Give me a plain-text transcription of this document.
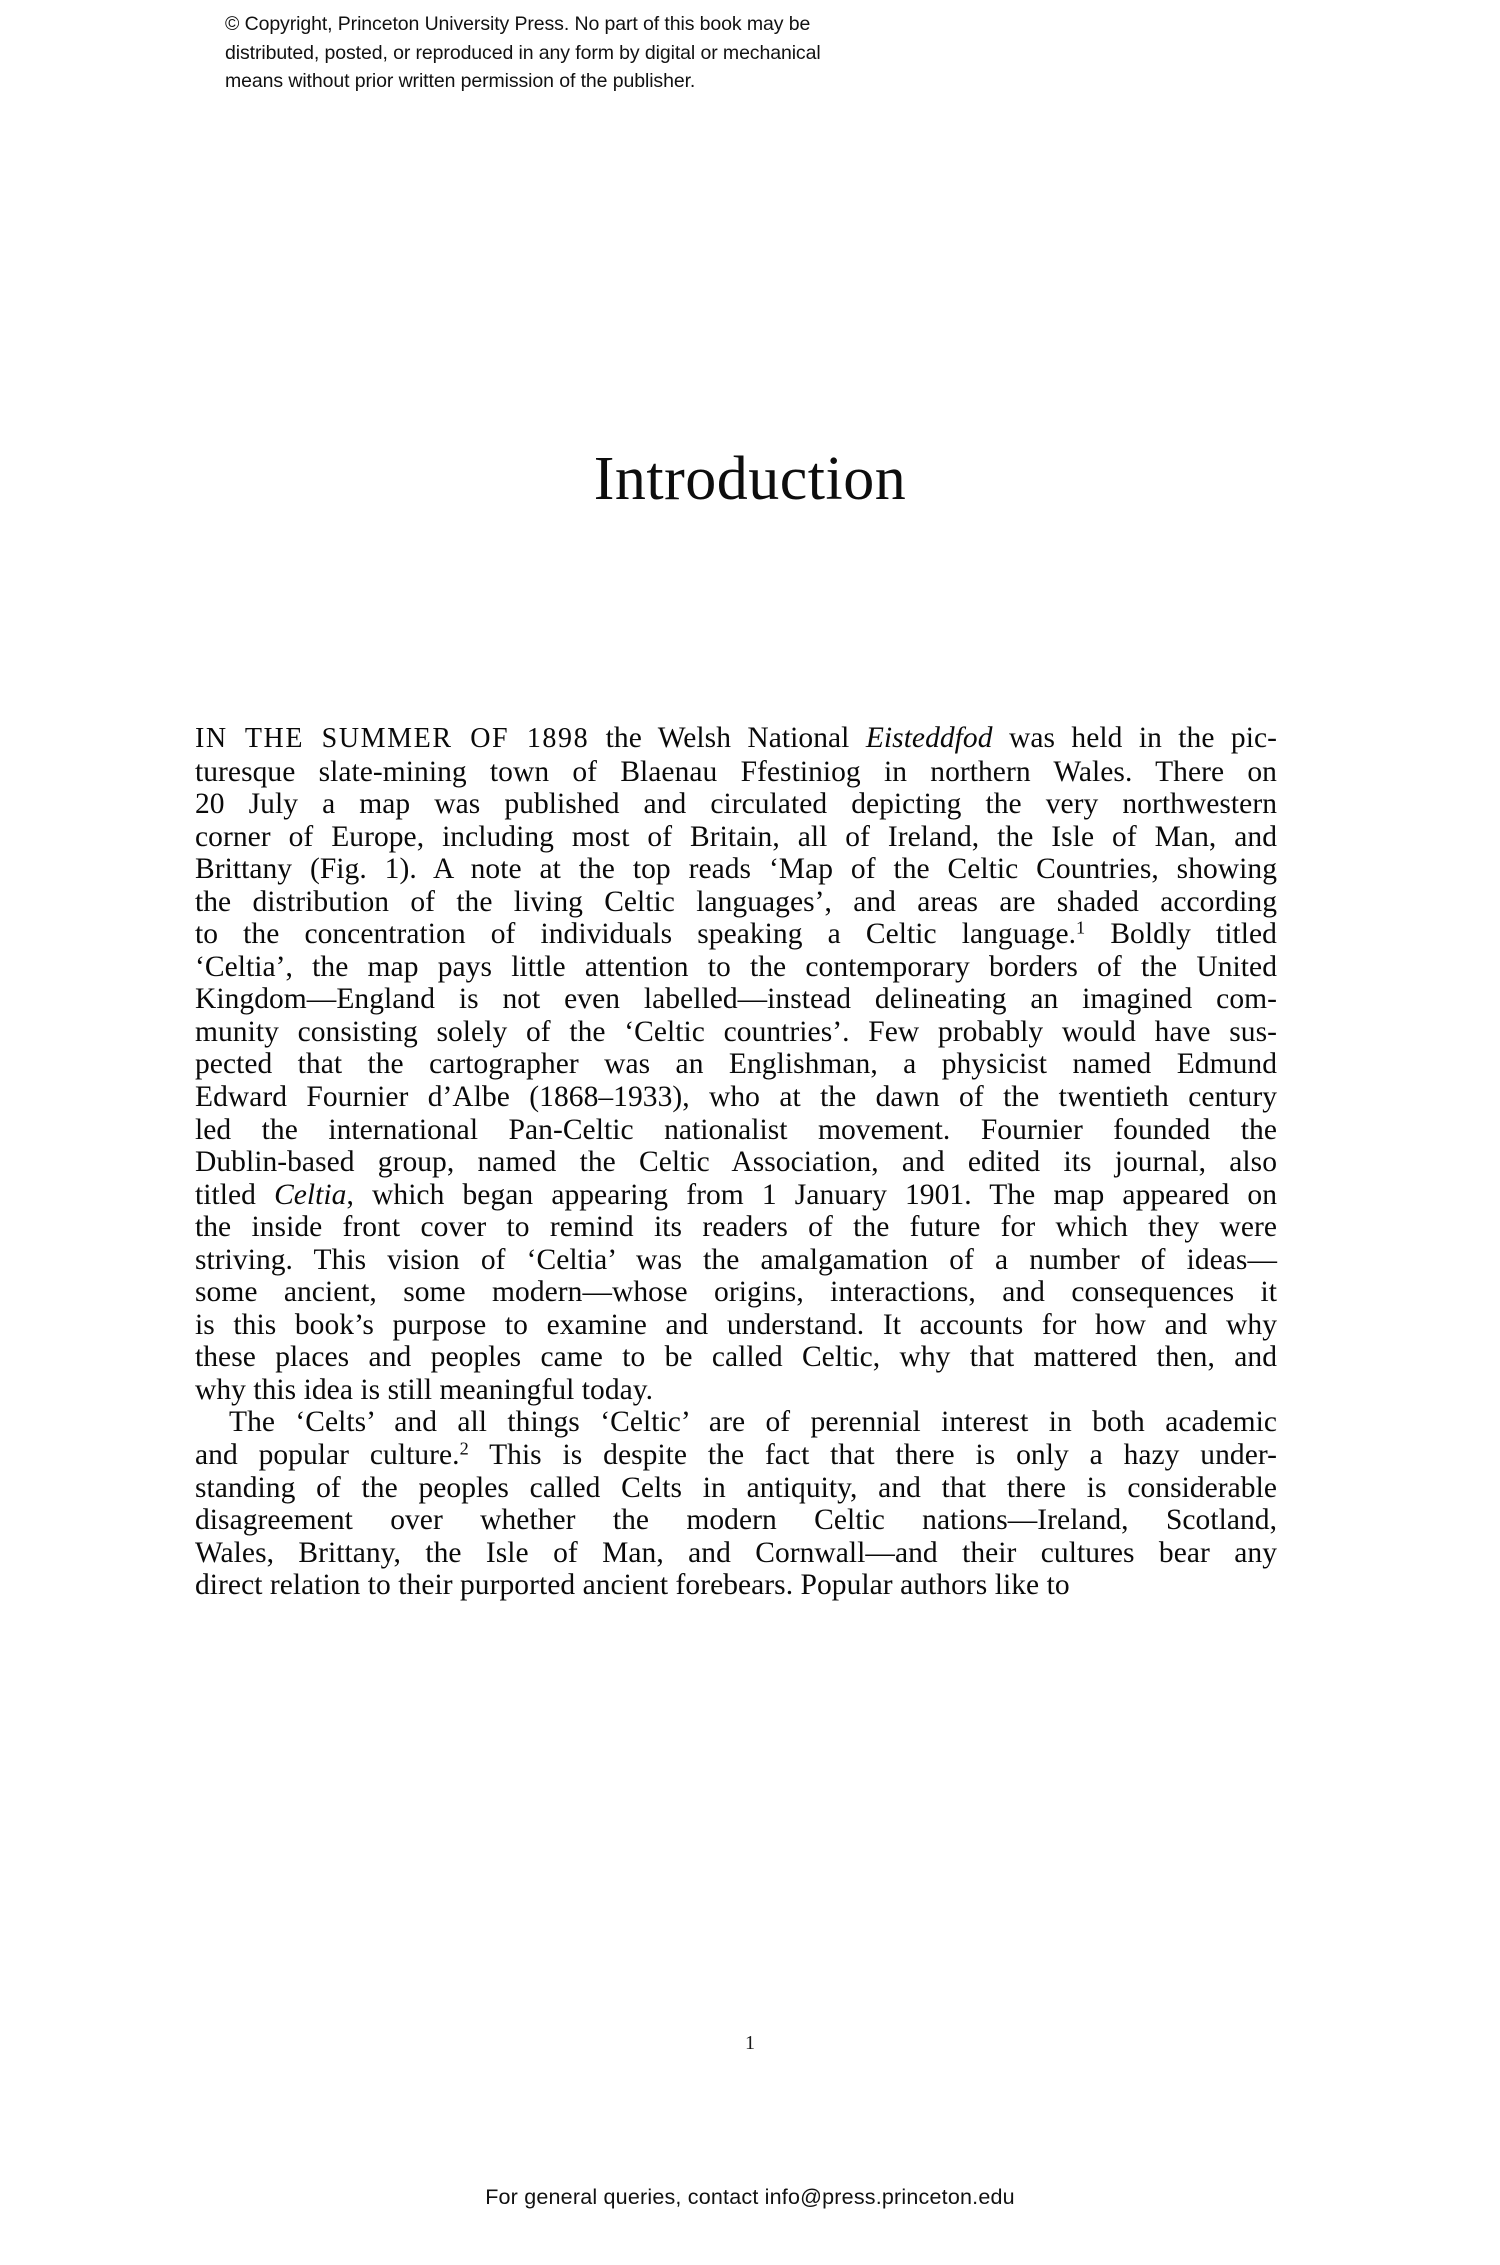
© Copyright, Princeton University Press. No part of this book may be
distributed, posted, or reproduced in any form by digital or mechanical
means without prior written permission of the publisher.
Introduction
IN THE SUMMER OF 1898 the Welsh National Eisteddfod was held in the pic-
turesque slate-mining town of Blaenau Ffestiniog in northern Wales. There on
20 July a map was published and circulated depicting the very northwestern
corner of Europe, including most of Britain, all of Ireland, the Isle of Man, and
Brittany (Fig. 1). A note at the top reads ‘Map of the Celtic Countries, showing
the distribution of the living Celtic languages’, and areas are shaded according
to the concentration of individuals speaking a Celtic language.$^1$ Boldly titled
‘Celtia’, the map pays little attention to the contemporary borders of the United
Kingdom—England is not even labelled—instead delineating an imagined com-
munity consisting solely of the ‘Celtic countries’. Few probably would have sus-
pected that the cartographer was an Englishman, a physicist named Edmund
Edward Fournier d’Albe (1868–1933), who at the dawn of the twentieth century
led the international Pan-Celtic nationalist movement. Fournier founded the
Dublin-based group, named the Celtic Association, and edited its journal, also
titled Celtia, which began appearing from 1 January 1901. The map appeared on
the inside front cover to remind its readers of the future for which they were
striving. This vision of ‘Celtia’ was the amalgamation of a number of ideas—
some ancient, some modern—whose origins, interactions, and consequences it
is this book’s purpose to examine and understand. It accounts for how and why
these places and peoples came to be called Celtic, why that mattered then, and
why this idea is still meaningful today.
The ‘Celts’ and all things ‘Celtic’ are of perennial interest in both academic
and popular culture.$^2$ This is despite the fact that there is only a hazy under-
standing of the peoples called Celts in antiquity, and that there is considerable
disagreement over whether the modern Celtic nations—Ireland, Scotland,
Wales, Brittany, the Isle of Man, and Cornwall—and their cultures bear any
direct relation to their purported ancient forebears. Popular authors like to
1
For general queries, contact info@press.princeton.edu
